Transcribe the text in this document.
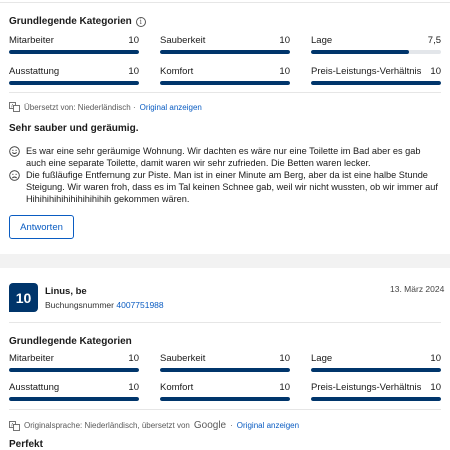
Grundlegende Kategorien	i
Mitarbeiter	10 Sauberkeit	10 Lage	7,5
Ausstattung	10 Komfort	10 Preis-Leistungs-Verhältnis 10
A Übersetzt von: Niederländisch · Original anzeigen
Sehr sauber und geräumig.
Es war eine sehr geräumige Wohnung. Wir dachten es wäre nur eine Toilette im Bad aber es gab auch eine separate Toilette, damit waren wir sehr zufrieden. Die Betten waren lecker.
Die fußläufige Entfernung zur Piste. Man ist in einer Minute am Berg, aber da ist eine halbe Stunde Steigung. Wir waren froh, dass es im Tal keinen Schnee gab, weil wir nicht wussten, ob wir immer auf Hihihihihihihihihihihih gekommen wären.
Antworten
10	Linus, be
Buchungsnummer 4007751988
13. März 2024
Grundlegende Kategorien
Mitarbeiter	10 Sauberkeit	10 Lage	10
Ausstattung	10 Komfort	10 Preis-Leistungs-Verhältnis 10
A Originalsprache: Niederländisch, übersetzt von Google · Original anzeigen
Perfekt
